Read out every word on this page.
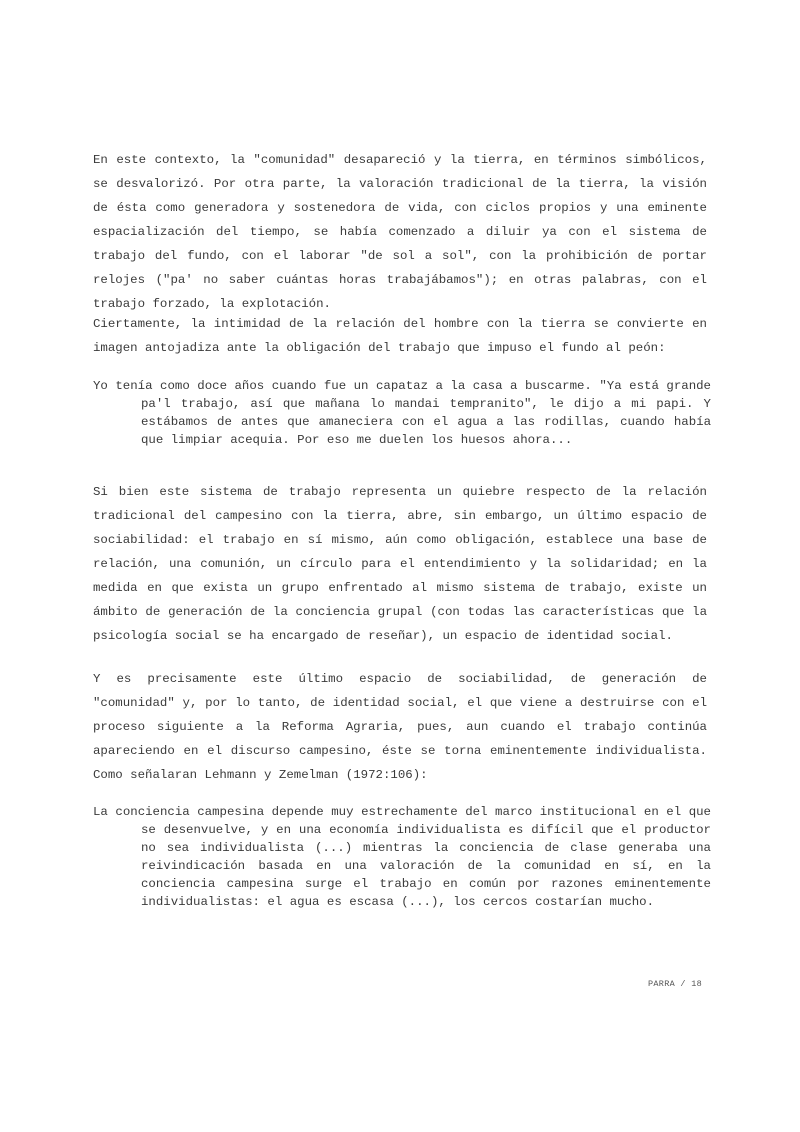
En este contexto, la "comunidad" desapareció y la tierra, en términos simbólicos, se desvalorizó. Por otra parte, la valoración tradicional de la tierra, la visión de ésta como generadora y sostenedora de vida, con ciclos propios y una eminente espacialización del tiempo, se había comenzado a diluir ya con el sistema de trabajo del fundo, con el laborar "de sol a sol", con la prohibición de portar relojes ("pa' no saber cuántas horas trabajábamos"); en otras palabras, con el trabajo forzado, la explotación.

Ciertamente, la intimidad de la relación del hombre con la tierra se convierte en imagen antojadiza ante la obligación del trabajo que impuso el fundo al peón:

Yo tenía como doce años cuando fue un capataz a la casa a buscarme. "Ya está grande pa'l trabajo, así que mañana lo mandai tempranito", le dijo a mi papi. Y estábamos de antes que amaneciera con el agua a las rodillas, cuando había que limpiar acequia. Por eso me duelen los huesos ahora...

Si bien este sistema de trabajo representa un quiebre respecto de la relación tradicional del campesino con la tierra, abre, sin embargo, un último espacio de sociabilidad: el trabajo en sí mismo, aún como obligación, establece una base de relación, una comunión, un círculo para el entendimiento y la solidaridad; en la medida en que exista un grupo enfrentado al mismo sistema de trabajo, existe un ámbito de generación de la conciencia grupal (con todas las características que la psicología social se ha encargado de reseñar), un espacio de identidad social.

Y es precisamente este último espacio de sociabilidad, de generación de "comunidad" y, por lo tanto, de identidad social, el que viene a destruirse con el proceso siguiente a la Reforma Agraria, pues, aun cuando el trabajo continúa apareciendo en el discurso campesino, éste se torna eminentemente individualista. Como señalaran Lehmann y Zemelman (1972:106):

La conciencia campesina depende muy estrechamente del marco institucional en el que se desenvuelve, y en una economía individualista es difícil que el productor no sea individualista (...) mientras la conciencia de clase generaba una reivindicación basada en una valoración de la comunidad en sí, en la conciencia campesina surge el trabajo en común por razones eminentemente individualistas: el agua es escasa (...), los cercos costarían mucho.

PARRA / 18
